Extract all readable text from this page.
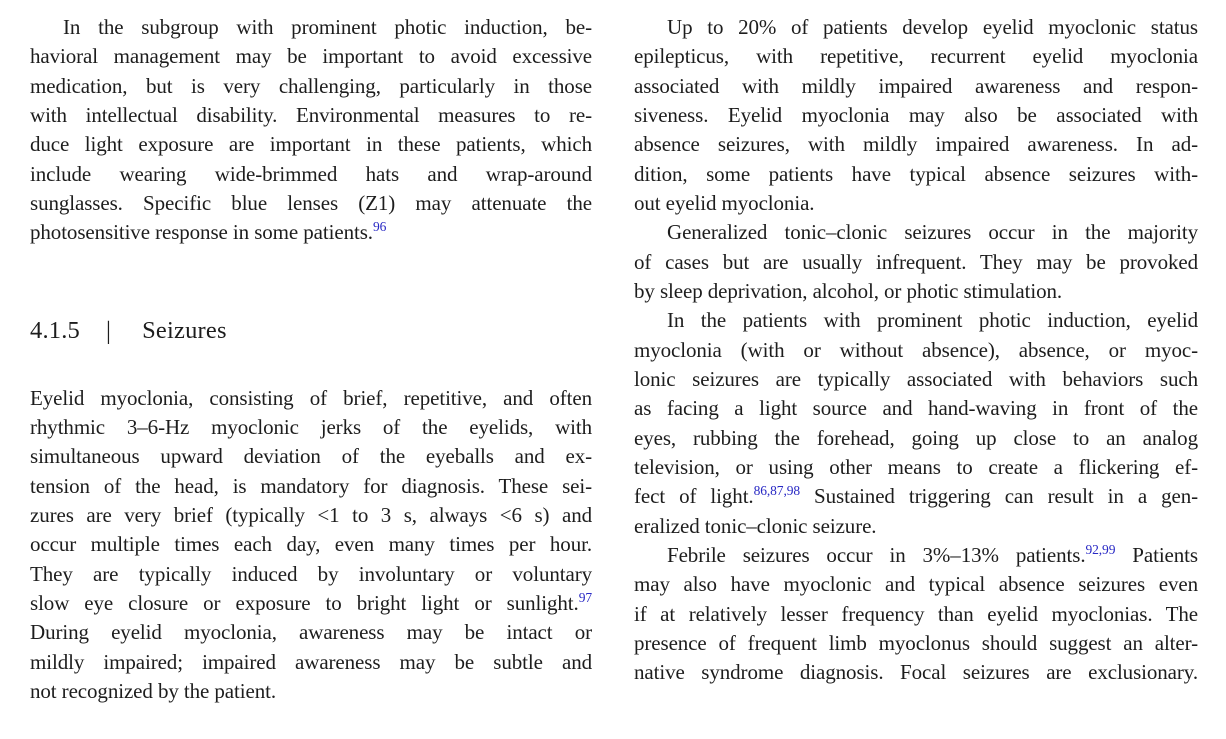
In the subgroup with prominent photic induction, be-
havioral management may be important to avoid excessive
medication, but is very challenging, particularly in those
with intellectual disability. Environmental measures to re-
duce light exposure are important in these patients, which
include wearing wide-brimmed hats and wrap-around
sunglasses. Specific blue lenses (Z1) may attenuate the
photosensitive response in some patients.$^{96}$
4.1.5 | Seizures
Eyelid myoclonia, consisting of brief, repetitive, and often
rhythmic 3–6-Hz myoclonic jerks of the eyelids, with
simultaneous upward deviation of the eyeballs and ex-
tension of the head, is mandatory for diagnosis. These sei-
zures are very brief (typically <1 to 3 s, always <6 s) and
occur multiple times each day, even many times per hour.
They are typically induced by involuntary or voluntary
slow eye closure or exposure to bright light or sunlight.$^{97}$
During eyelid myoclonia, awareness may be intact or
mildly impaired; impaired awareness may be subtle and
not recognized by the patient.
Up to 20% of patients develop eyelid myoclonic status
epilepticus, with repetitive, recurrent eyelid myoclonia
associated with mildly impaired awareness and respon-
siveness. Eyelid myoclonia may also be associated with
absence seizures, with mildly impaired awareness. In ad-
dition, some patients have typical absence seizures with-
out eyelid myoclonia.
Generalized tonic–clonic seizures occur in the majority
of cases but are usually infrequent. They may be provoked
by sleep deprivation, alcohol, or photic stimulation.
In the patients with prominent photic induction, eyelid
myoclonia (with or without absence), absence, or myoc-
lonic seizures are typically associated with behaviors such
as facing a light source and hand-waving in front of the
eyes, rubbing the forehead, going up close to an analog
television, or using other means to create a flickering ef-
fect of light.$^{86,87,98}$ Sustained triggering can result in a gen-
eralized tonic–clonic seizure.
Febrile seizures occur in 3%–13% patients.$^{92,99}$ Patients
may also have myoclonic and typical absence seizures even
if at relatively lesser frequency than eyelid myoclonias. The
presence of frequent limb myoclonus should suggest an alter-
native syndrome diagnosis. Focal seizures are exclusionary.
